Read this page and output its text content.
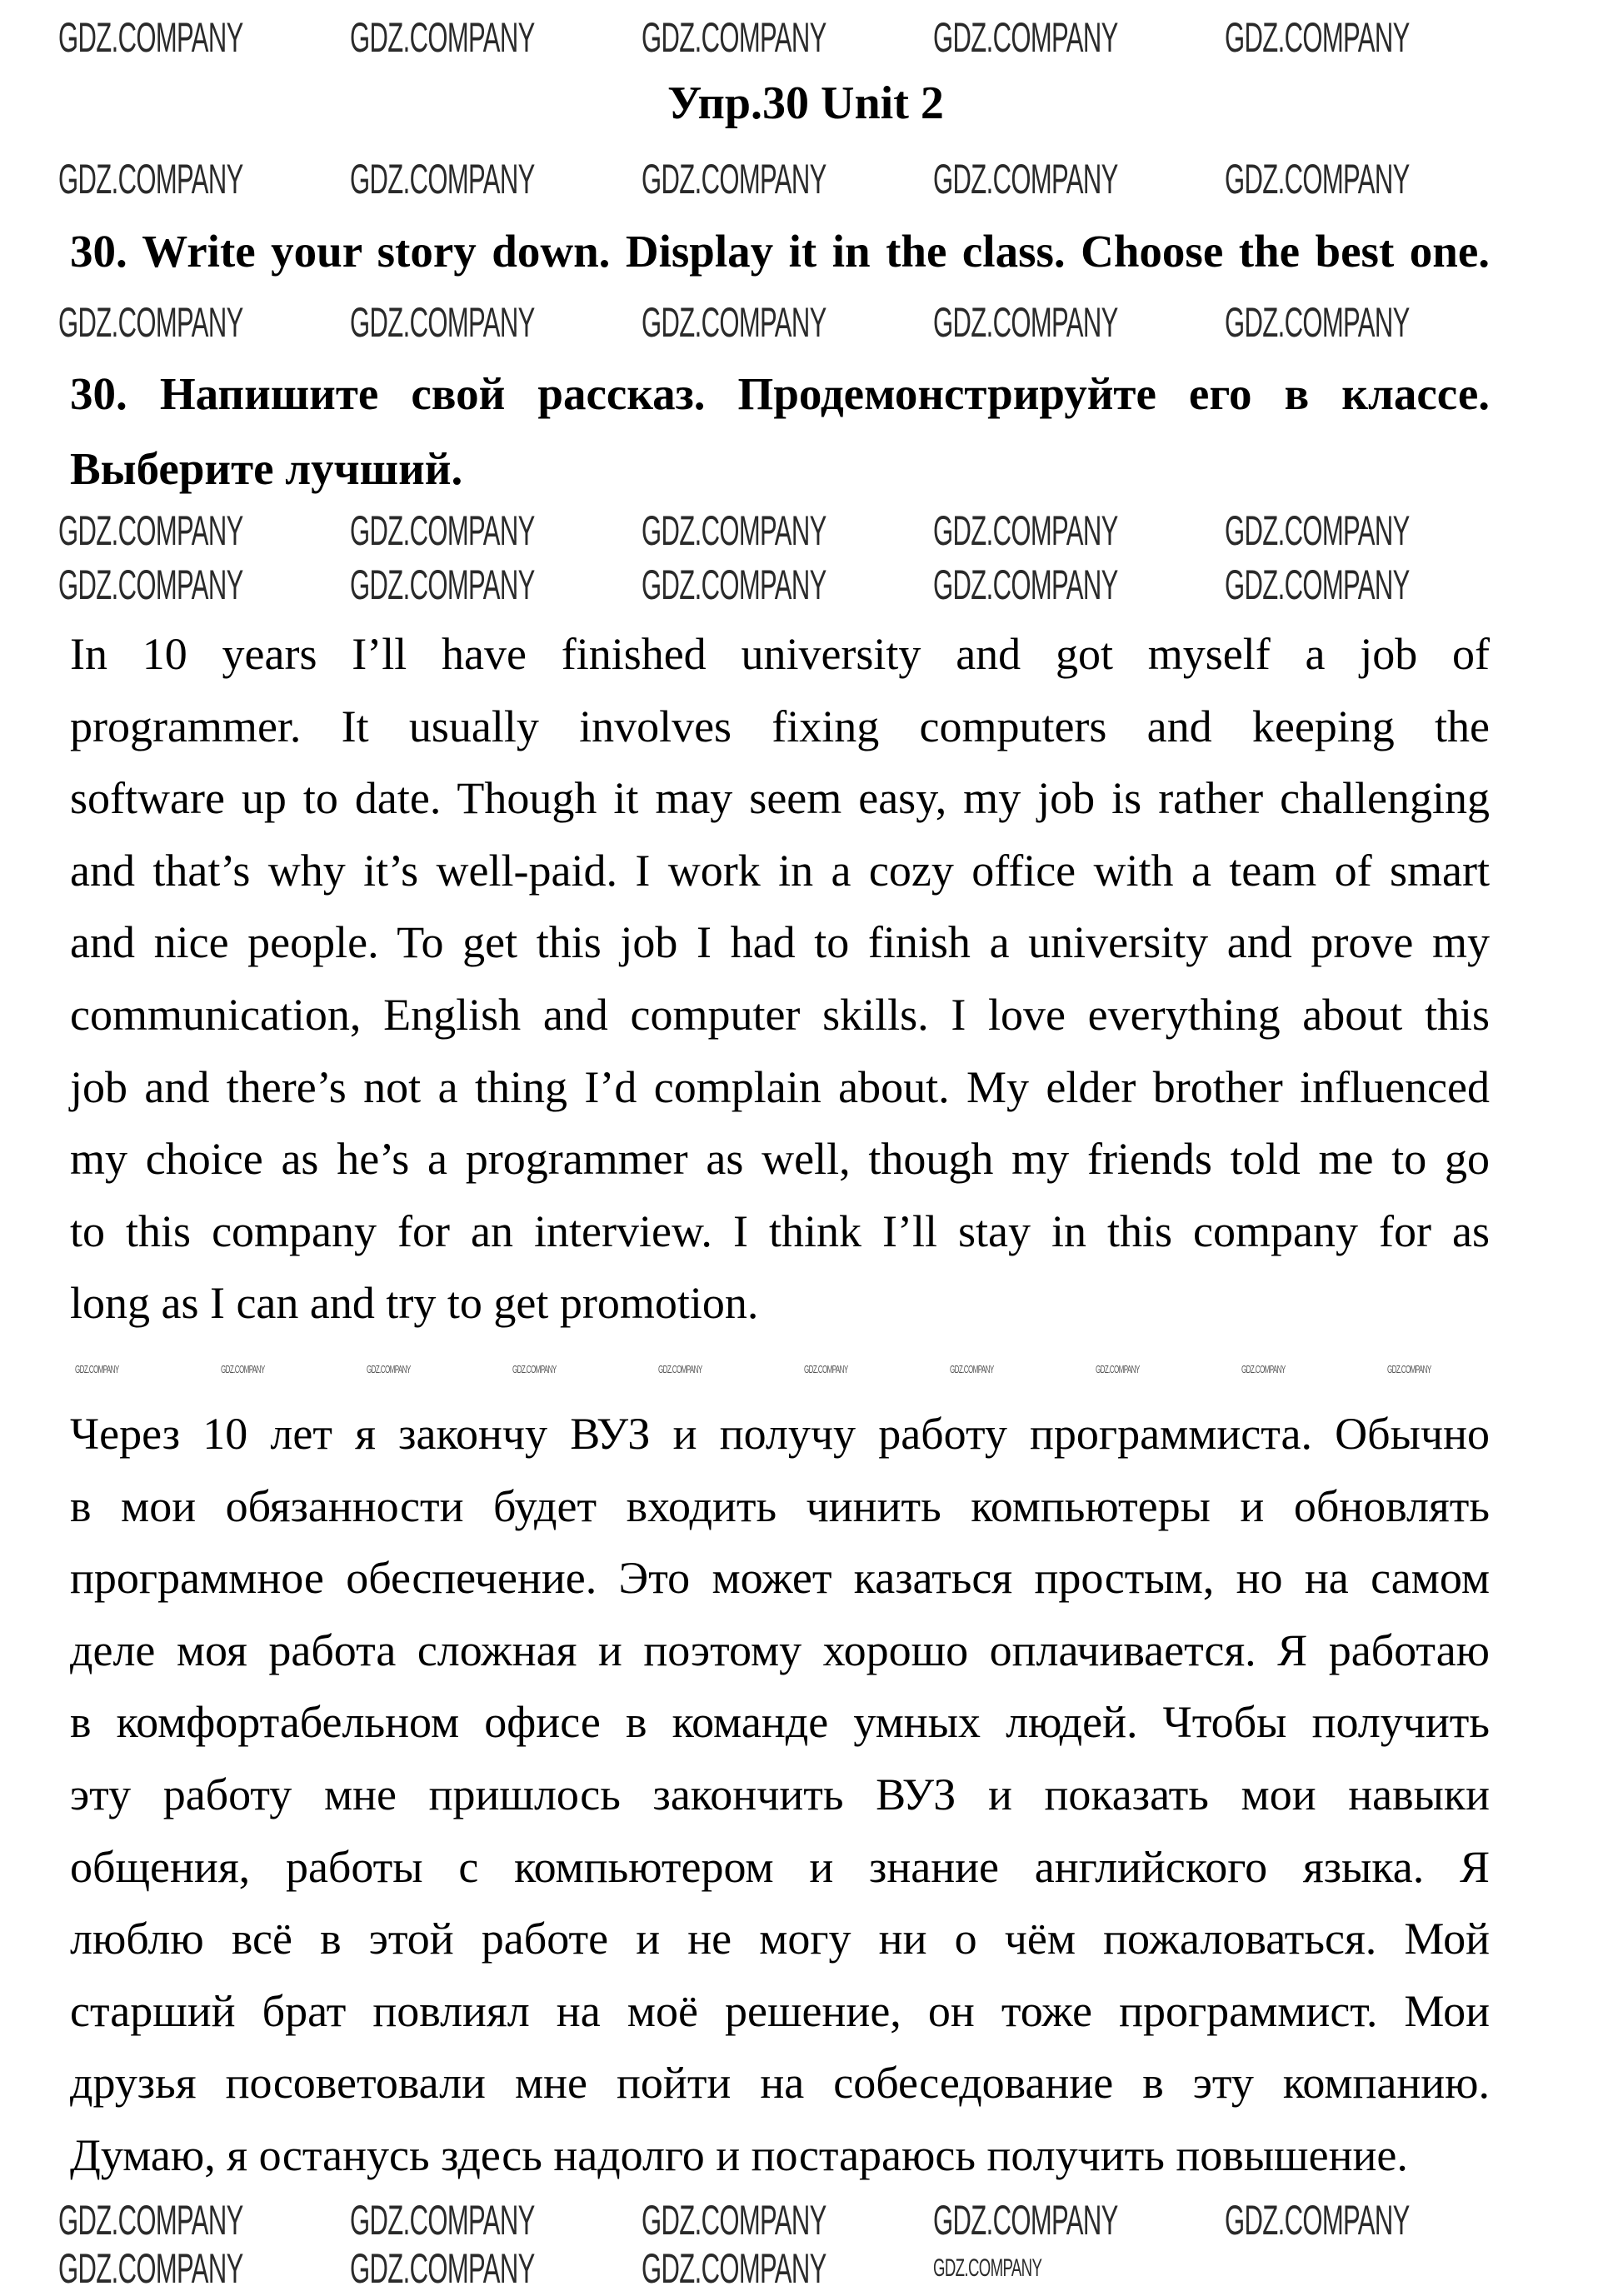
Упр.30 Unit 2
30. Write your story down. Display it in the class. Choose the best one.
30. Напишите свой рассказ. Продемонстрируйте его в классе.
Выберите лучший.
In 10 years I’ll have finished university and got myself a job of
programmer. It usually involves fixing computers and keeping the
software up to date. Though it may seem easy, my job is rather challenging
and that’s why it’s well-paid. I work in a cozy office with a team of smart
and nice people. To get this job I had to finish a university and prove my
communication, English and computer skills. I love everything about this
job and there’s not a thing I’d complain about. My elder brother influenced
my choice as he’s a programmer as well, though my friends told me to go
to this company for an interview. I think I’ll stay in this company for as
long as I can and try to get promotion.
Через 10 лет я закончу ВУЗ и получу работу программиста. Обычно
в мои обязанности будет входить чинить компьютеры и обновлять
программное обеспечение. Это может казаться простым, но на самом
деле моя работа сложная и поэтому хорошо оплачивается. Я работаю
в комфортабельном офисе в команде умных людей. Чтобы получить
эту работу мне пришлось закончить ВУЗ и показать мои навыки
общения, работы с компьютером и знание английского языка. Я
люблю всё в этой работе и не могу ни о чём пожаловаться. Мой
старший брат повлиял на моё решение, он тоже программист. Мои
друзья посоветовали мне пойти на собеседование в эту компанию.
Думаю, я останусь здесь надолго и постараюсь получить повышение.
GDZ.COMPANY	GDZ.COMPANY	GDZ.COMPANY	GDZ.COMPANY	GDZ.COMPANY
GDZ.COMPANY	GDZ.COMPANY	GDZ.COMPANY	GDZ.COMPANY	GDZ.COMPANY
GDZ.COMPANY	GDZ.COMPANY	GDZ.COMPANY	GDZ.COMPANY	GDZ.COMPANY
GDZ.COMPANY	GDZ.COMPANY	GDZ.COMPANY	GDZ.COMPANY	GDZ.COMPANY
GDZ.COMPANY	GDZ.COMPANY	GDZ.COMPANY	GDZ.COMPANY	GDZ.COMPANY
GDZ.COMPANY	GDZ.COMPANY	GDZ.COMPANY	GDZ.COMPANY	GDZ.COMPANY
GDZ.COMPANY	GDZ.COMPANY	GDZ.COMPANY	GDZ.COMPANY
GDZ.COMPANY	GDZ.COMPANY	GDZ.COMPANY	GDZ.COMPANY	GDZ.COMPANY	GDZ.COMPANY	GDZ.COMPANY	GDZ.COMPANY	GDZ.COMPANY	GDZ.COMPANY
